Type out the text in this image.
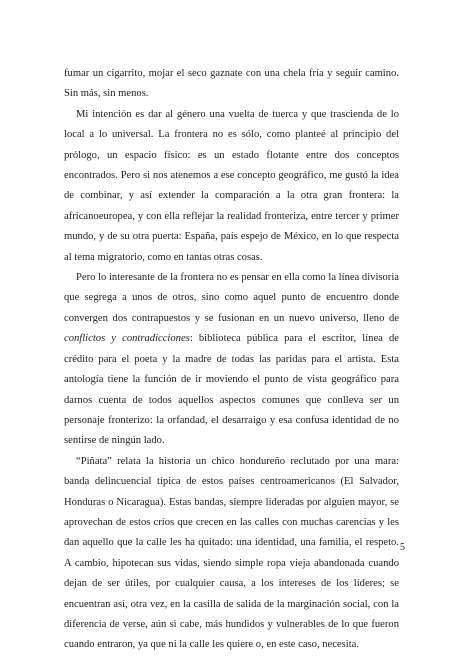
fumar un cigarrito, mojar el seco gaznate con una chela fría y seguir camino. Sin más, sin menos.

Mi intención es dar al género una vuelta de tuerca y que trascienda de lo local a lo universal. La frontera no es sólo, como planteé al principio del prólogo, un espacio físico: es un estado flotante entre dos conceptos encontrados. Pero si nos atenemos a ese concepto geográfico, me gustó la idea de combinar, y así extender la comparación a la otra gran frontera: la africanoeuropea, y con ella reflejar la realidad fronteriza, entre tercer y primer mundo, y de su otra puerta: España, país espejo de México, en lo que respecta al tema migratorio, como en tantas otras cosas.

Pero lo interesante de la frontera no es pensar en ella como la línea divisoria que segrega a unos de otros, sino como aquel punto de encuentro donde convergen dos contrapuestos y se fusionan en un nuevo universo, lleno de conflictos y contradicciones: biblioteca pública para el escritor, línea de crédito para el poeta y la madre de todas las paridas para el artista. Esta antología tiene la función de ir moviendo el punto de vista geográfico para darnos cuenta de todos aquellos aspectos comunes que conlleva ser un personaje fronterizo: la orfandad, el desarraigo y esa confusa identidad de no sentirse de ningún lado.

“Piñata” relata la historia un chico hondureño reclutado por una mara: banda delincuencial típica de estos países centroamericanos (El Salvador, Honduras o Nicaragua). Estas bandas, siempre lideradas por alguien mayor, se aprovechan de estos críos que crecen en las calles con muchas carencias y les dan aquello que la calle les ha quitado: una identidad, una familia, el respeto. A cambio, hipotecan sus vidas, siendo simple ropa vieja abandonada cuando dejan de ser útiles, por cualquier causa, a los intereses de los líderes; se encuentran así, otra vez, en la casilla de salida de la marginación social, con la diferencia de verse, aún si cabe, más hundidos y vulnerables de lo que fueron cuando entraron, ya que ni la calle les quiere o, en este caso, necesita.

5
